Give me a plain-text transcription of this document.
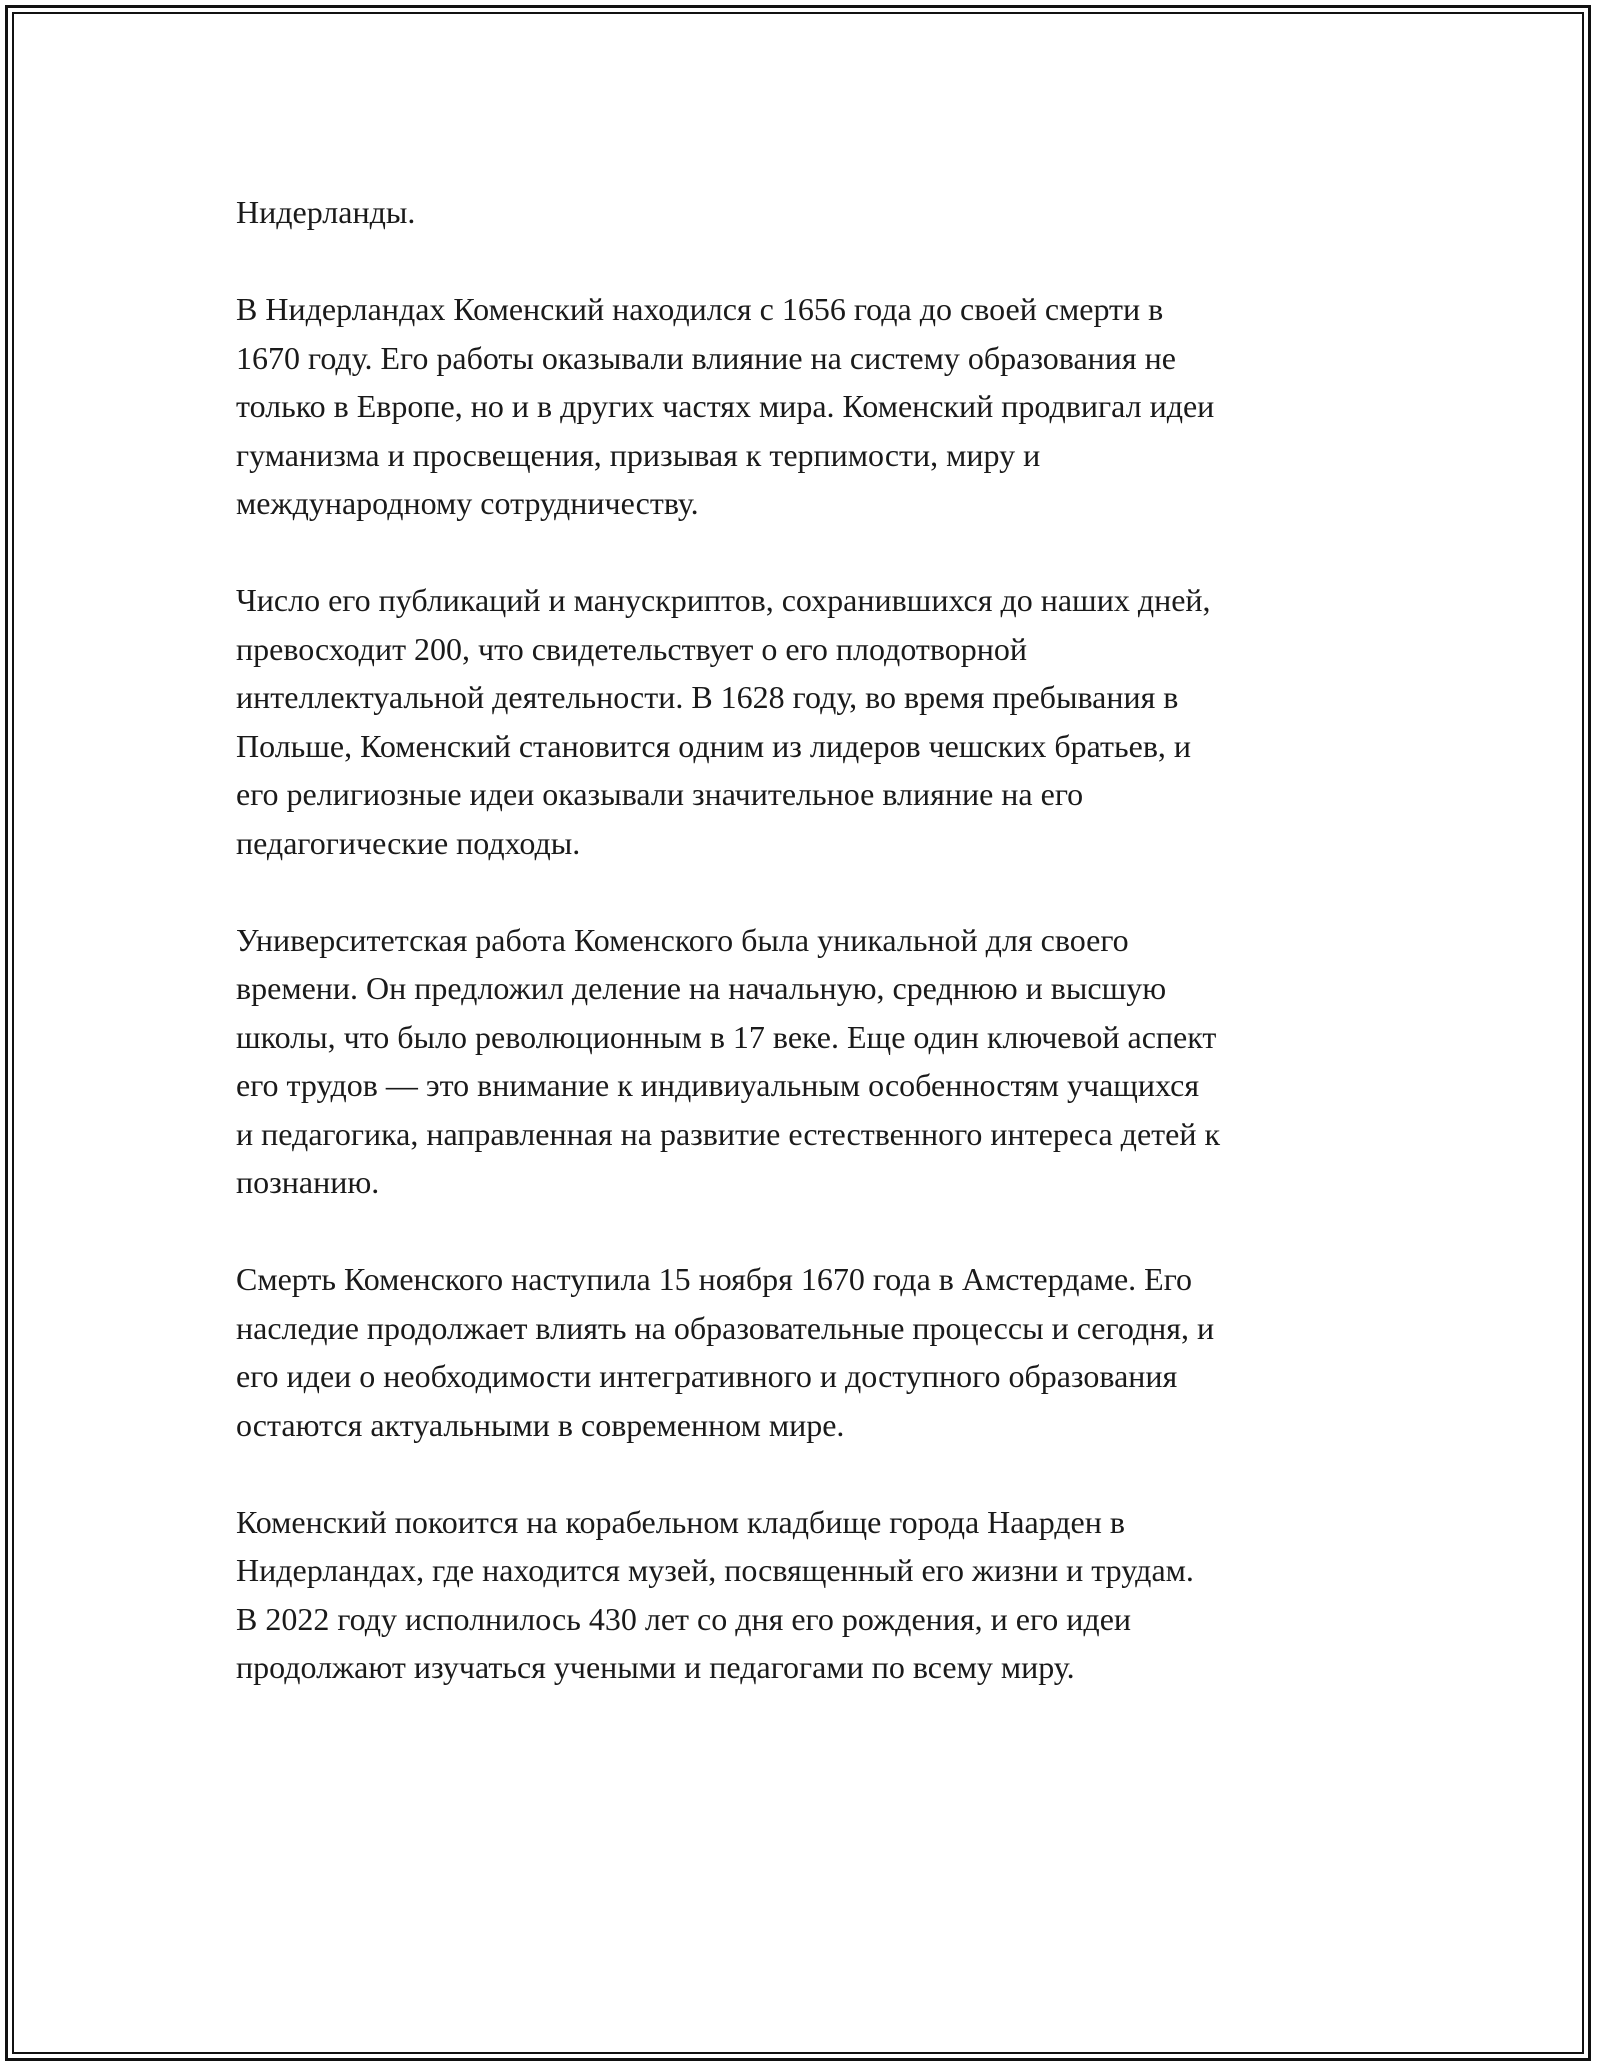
Нидерланды.

В Нидерландах Коменский находился с 1656 года до своей смерти в
1670 году. Его работы оказывали влияние на систему образования не
только в Европе, но и в других частях мира. Коменский продвигал идеи
гуманизма и просвещения, призывая к терпимости, миру и
международному сотрудничеству.

Число его публикаций и манускриптов, сохранившихся до наших дней,
превосходит 200, что свидетельствует о его плодотворной
интеллектуальной деятельности. В 1628 году, во время пребывания в
Польше, Коменский становится одним из лидеров чешских братьев, и
его религиозные идеи оказывали значительное влияние на его
педагогические подходы.

Университетская работа Коменского была уникальной для своего
времени. Он предложил деление на начальную, среднюю и высшую
школы, что было революционным в 17 веке. Еще один ключевой аспект
его трудов — это внимание к индивиуальным особенностям учащихся
и педагогика, направленная на развитие естественного интереса детей к
познанию.

Смерть Коменского наступила 15 ноября 1670 года в Амстердаме. Его
наследие продолжает влиять на образовательные процессы и сегодня, и
его идеи о необходимости интегративного и доступного образования
остаются актуальными в современном мире.

Коменский покоится на корабельном кладбище города Наарден в
Нидерландах, где находится музей, посвященный его жизни и трудам.
В 2022 году исполнилось 430 лет со дня его рождения, и его идеи
продолжают изучаться учеными и педагогами по всему миру.
